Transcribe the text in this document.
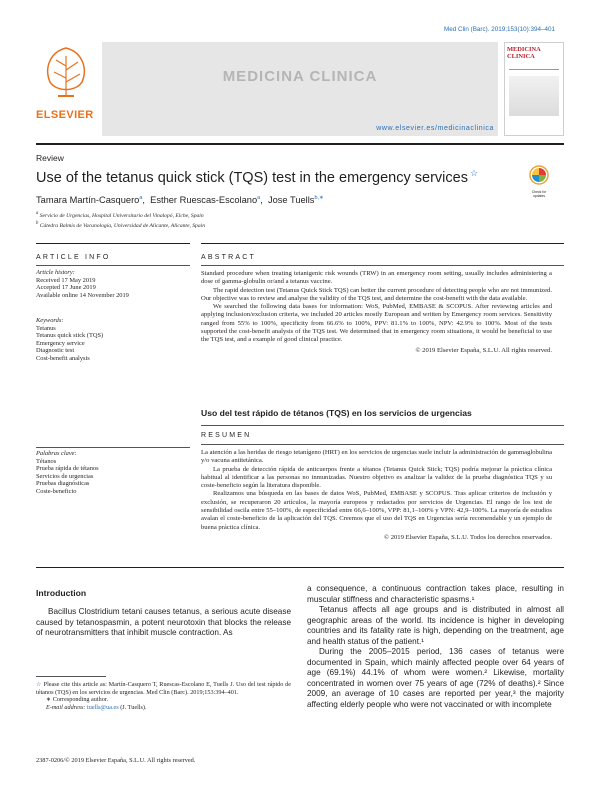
Med Clin (Barc). 2019;153(10):394–401
ELSEVIER
MEDICINA CLINICA
www.elsevier.es/medicinaclinica
MEDICINA CLINICA
Review
Use of the tetanus quick stick (TQS) test in the emergency services ☆
Check for updates
Tamara Martín-Casquero$^a$,  Esther Ruescas-Escolano$^a$,  Jose Tuells$^{b,∗}$
$^a$ Servicio de Urgencias, Hospital Universitario del Vinalopó, Elche, Spain
$^b$ Cátedra Balmis de Vacunología, Universidad de Alicante, Alicante, Spain
ARTICLE INFO
Article history:
Received 17 May 2019
Accepted 17 June 2019
Available online 14 November 2019
Keywords:
Tetanus
Tetanus quick stick (TQS)
Emergency service
Diagnostic test
Cost-benefit analysis
Palabras clave:
Tétanos
Prueba rápida de tétanos
Servicios de urgencias
Pruebas diagnósticas
Coste-beneficio
ABSTRACT
Standard procedure when treating tetanigenic risk wounds (TRW) in an emergency room setting, usually includes administering a dose of gamma-globulin or/and a tetanus vaccine.
The rapid detection test (Tetanus Quick Stick TQS) can better the current procedure of detecting people who are not immunized. Our objective was to review and analyse the validity of the TQS test, and determine the cost-benefit with the data available.
We searched the following data bases for information: WoS, PubMed, EMBASE & SCOPUS. After reviewing articles and applying inclusion/exclusion criteria, we included 20 articles mostly European and written by Emergency room services. Sensitivity ranged from 55% to 100%, specificity from 66.6% to 100%, PPV: 81.1% to 100%, NPV: 42.9% to 100%. Most of the tests supported the cost-benefit analysis of the TQS test. We determined that in emergency room situations, it would be beneficial to use the TQS test, and a example of good clinical practice.
© 2019 Elsevier España, S.L.U. All rights reserved.
Uso del test rápido de tétanos (TQS) en los servicios de urgencias
RESUMEN
La atención a las heridas de riesgo tetanígeno (HRT) en los servicios de urgencias suele incluir la administración de gammaglobulina y/o vacuna antitetánica.
La prueba de detección rápida de anticuerpos frente a tétanos (Tetanus Quick Stick; TQS) podría mejorar la práctica clínica habitual al identificar a las personas no inmunizadas. Nuestro objetivo es analizar la validez de la prueba diagnóstica TQS y su coste-beneficio según la literatura disponible.
Realizamos una búsqueda en las bases de datos WoS, PubMed, EMBASE y SCOPUS. Tras aplicar criterios de inclusión y exclusión, se recuperaron 20 artículos, la mayoría europeos y redactados por servicios de Urgencias. El rango de los test de sensibilidad oscila entre 55–100%, de especificidad entre 66,6–100%, VPP: 81,1–100% y VPN: 42,9–100%. La mayoría de estudios avalan el coste-beneficio de la aplicación del TQS. Creemos que el uso del TQS en Urgencias sería recomendable y un ejemplo de buena práctica clínica.
© 2019 Elsevier España, S.L.U. Todos los derechos reservados.
Introduction
Bacillus Clostridium tetani causes tetanus, a serious acute disease caused by tetanospasmin, a potent neurotoxin that blocks the release of neurotransmitters that inhibit muscle contraction. As
a consequence, a continuous contraction takes place, resulting in muscular stiffness and characteristic spasms.¹
Tetanus affects all age groups and is distributed in almost all geographic areas of the world. Its incidence is higher in developing countries and its fatality rate is high, depending on the treatment, age and health status of the patient.¹
During the 2005–2015 period, 136 cases of tetanus were documented in Spain, which mainly affected people over 64 years of age (69.1%) 44.1% of whom were women.² Likewise, mortality concentrated in women over 75 years of age (72% of deaths).² Since 2009, an average of 10 cases are reported per year,³ the majority affecting elderly people who were not vaccinated or with incomplete
☆ Please cite this article as: Martín-Casquero T, Ruescas-Escolano E, Tuells J. Uso del test rápido de tétanos (TQS) en los servicios de urgencias. Med Clin (Barc). 2019;153:394–401.
∗ Corresponding author.
E-mail address: tuells@ua.es (J. Tuells).
2387-0206/© 2019 Elsevier España, S.L.U. All rights reserved.
